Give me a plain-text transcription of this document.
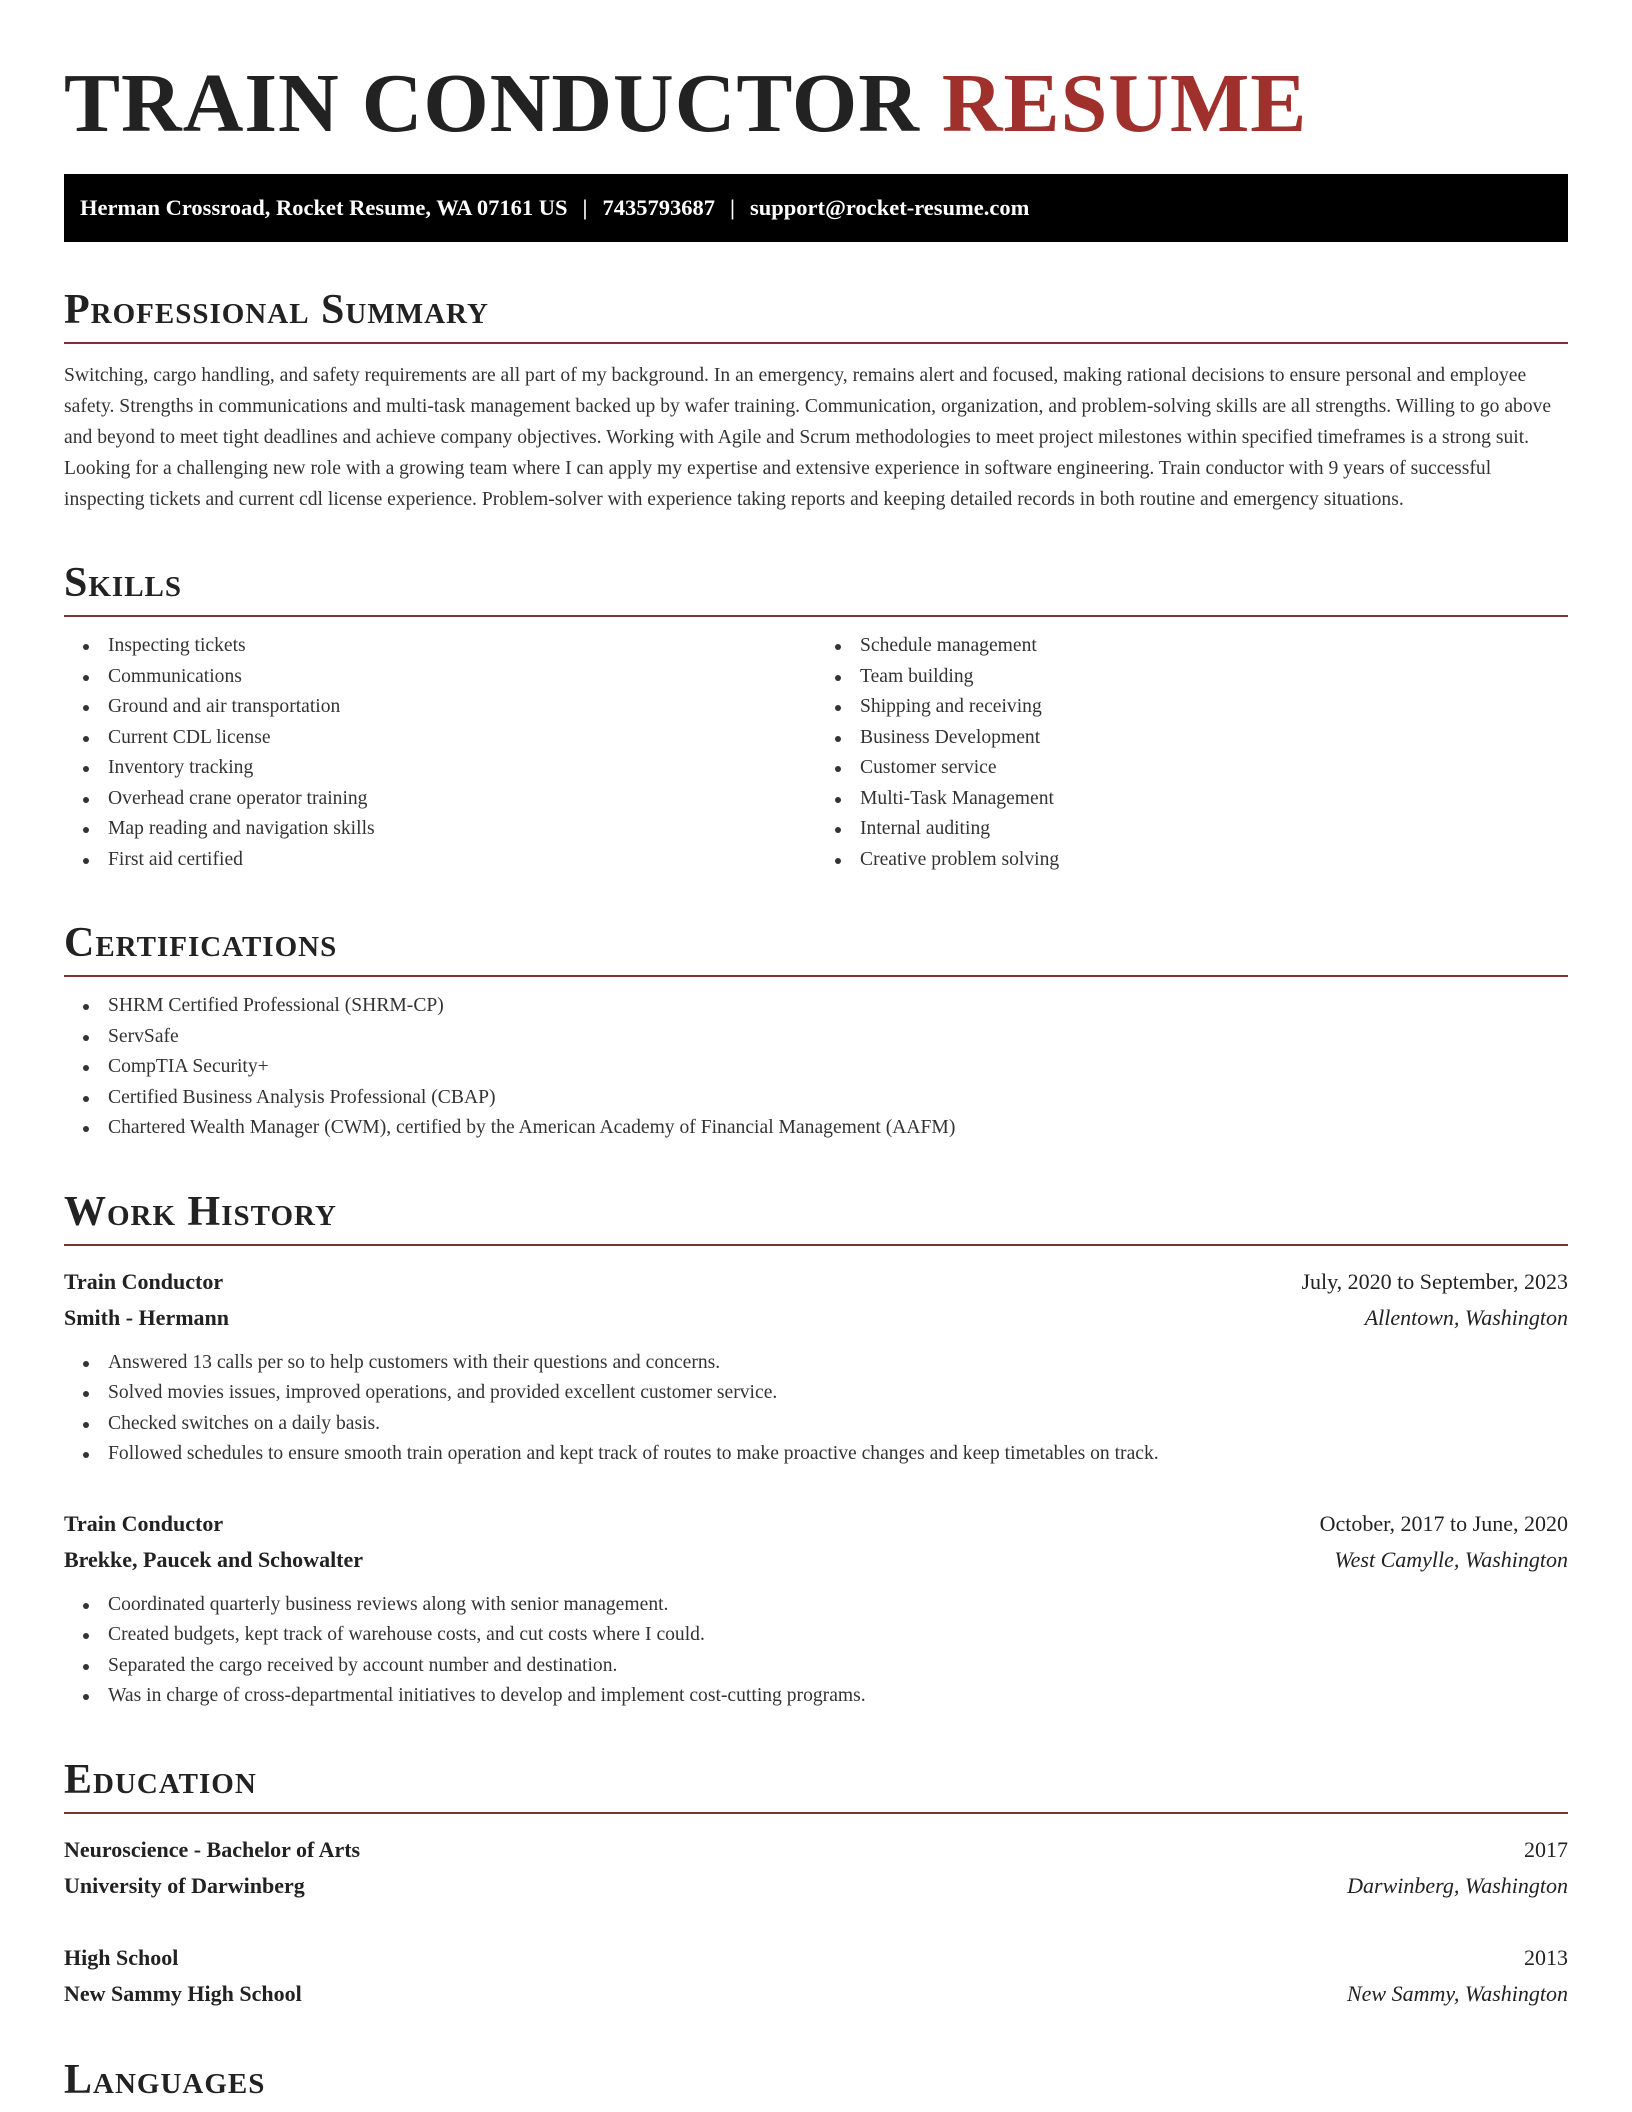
TRAIN CONDUCTOR RESUME
Herman Crossroad, Rocket Resume, WA 07161 US | 7435793687 | support@rocket-resume.com
Professional Summary

Switching, cargo handling, and safety requirements are all part of my background. In an emergency, remains alert and focused, making rational decisions to ensure personal and employee safety. Strengths in communications and multi-task management backed up by wafer training. Communication, organization, and problem-solving skills are all strengths. Willing to go above and beyond to meet tight deadlines and achieve company objectives. Working with Agile and Scrum methodologies to meet project milestones within specified timeframes is a strong suit. Looking for a challenging new role with a growing team where I can apply my expertise and extensive experience in software engineering. Train conductor with 9 years of successful inspecting tickets and current cdl license experience. Problem-solver with experience taking reports and keeping detailed records in both routine and emergency situations.

Skills
Inspecting tickets
Communications
Ground and air transportation
Current CDL license
Inventory tracking
Overhead crane operator training
Map reading and navigation skills
First aid certified
Schedule management
Team building
Shipping and receiving
Business Development
Customer service
Multi-Task Management
Internal auditing
Creative problem solving
Certifications
SHRM Certified Professional (SHRM-CP)
ServSafe
CompTIA Security+
Certified Business Analysis Professional (CBAP)
Chartered Wealth Manager (CWM), certified by the American Academy of Financial Management (AAFM)
Work History
Train Conductor	July, 2020 to September, 2023
Smith - Hermann	Allentown, Washington
Answered 13 calls per so to help customers with their questions and concerns.
Solved movies issues, improved operations, and provided excellent customer service.
Checked switches on a daily basis.
Followed schedules to ensure smooth train operation and kept track of routes to make proactive changes and keep timetables on track.
Train Conductor	October, 2017 to June, 2020
Brekke, Paucek and Schowalter	West Camylle, Washington
Coordinated quarterly business reviews along with senior management.
Created budgets, kept track of warehouse costs, and cut costs where I could.
Separated the cargo received by account number and destination.
Was in charge of cross-departmental initiatives to develop and implement cost-cutting programs.
Education
Neuroscience - Bachelor of Arts	2017
University of Darwinberg	Darwinberg, Washington
High School	2013
New Sammy High School	New Sammy, Washington
Languages
